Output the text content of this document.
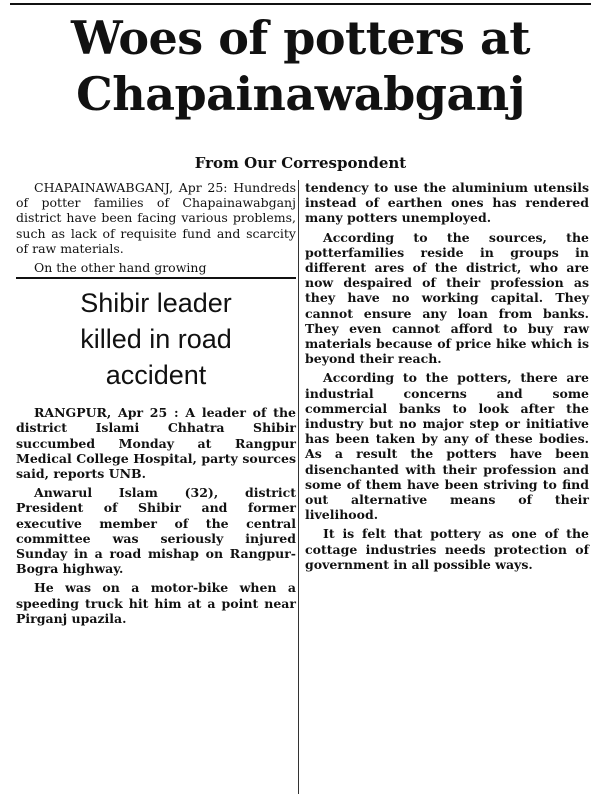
Woes of potters at
Chapainawabganj
From Our Correspondent

CHAPAINAWABGANJ, Apr 25: Hundreds of potter families of Chapainawabganj district have been facing various problems, such as lack of requisite fund and scarcity of raw materials.

On the other hand growing

Shibir leader
killed in road
accident

RANGPUR, Apr 25 : A leader of the district Islami Chhatra Shibir succumbed Monday at Rangpur Medical College Hospital, party sources said, reports UNB.

Anwarul Islam (32), district President of Shibir and former executive member of the central committee was seriously injured Sunday in a road mishap on Rangpur-Bogra highway.

He was on a motor-bike when a speeding truck hit him at a point near Pirganj upazila.

tendency to use the aluminium utensils instead of earthen ones has rendered many potters unemployed.

According to the sources, the potterfamilies reside in groups in different ares of the district, who are now despaired of their profession as they have no working capital. They cannot ensure any loan from banks. They even cannot afford to buy raw materials because of price hike which is beyond their reach.

According to the potters, there are industrial concerns and some commercial banks to look after the industry but no major step or initiative has been taken by any of these bodies. As a result the potters have been disenchanted with their profession and some of them have been striving to find out alternative means of their livelihood.

It is felt that pottery as one of the cottage industries needs protection of government in all possible ways.
